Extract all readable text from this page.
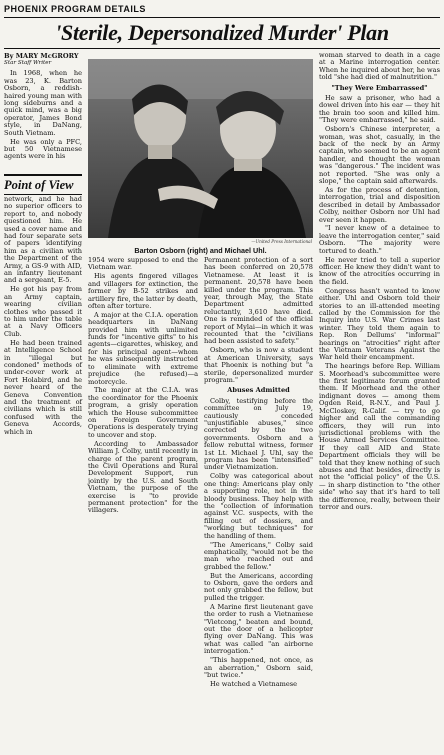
PHOENIX PROGRAM DETAILS
'Sterile, Depersonalized Murder' Plan
By MARY McGRORY
Star Staff Writer

In 1968, when he was 23, K. Barton Osborn, a reddish-haired young man with long sideburns and a quick mind, was a big operator, James Bond style, in DaNang, South Vietnam.

He was only a PFC, but 50 Vietnamese agents were in his

Point of View

network, and he had no superior officers to report to, and nobody questioned him. He used a cover name and had four separate sets of papers identifying him as a civilian with the Department of the Army, a GS-9 with AID, an infantry lieutenant and a sergeant, E-5.

He got his pay from an Army captain, wearing civilian clothes who passed it to him under the table at a Navy Officers Club.

He had been trained at Intelligence School in "illegal but condoned" methods of under-cover work at Fort Holabird, and he never heard of the Geneva Convention and the treatment of civilians which is still confused with the Geneva Accords, which in

—United Press International
Barton Osborn (right) and Michael Uhl.

1954 were supposed to end the Vietnam war.

His agents fingered villages and villagers for extinction, the former by B-52 strikes and artillery fire, the latter by death, often after torture.

A major at the C.I.A. operation headquarters in DaNang provided him with unlimited funds for "incentive gifts" to his agents—cigarettes, whiskey, and for his principal agent—whom he was subsequently instructed to eliminate with extreme prejudice (he refused)—a motorcycle.

The major at the C.I.A. was the coordinator for the Phoenix program, a grisly operation which the House subcommittee on Foreign Government Operations is desperately trying to uncover and stop.

According to Ambassador William J. Colby, until recently in charge of the parent program, the Civil Operations and Rural Development Support, run jointly by the U.S. and South Vietnam, the purpose of the exercise is "to provide permanent protection" for the villagers.

Permanent protection of a sort has been conferred on 20,578 Vietnamese. At least it is permanent. 20,578 have been killed under the program. This year, through May, the State Department admitted reluctantly, 3,610 have died. One is reminded of the official report of Mylai—in which it was recounted that the "civilians had been assisted to safety."

Osborn, who is now a student at American University, says that Phoenix is nothing but "a sterile, depersonalized murder program."

Abuses Admitted

Colby, testifying before the committee on July 19, cautiously conceded "unjustifiable abuses," since corrected by the two governments. Osborn and a fellow rebuttal witness, former 1st Lt. Michael J. Uhl, say the program has been "intensified" under Vietnamization.

Colby was categorical about one thing: Americans play only a supporting role, not in the bloody business. They help with the "collection of information against V.C. suspects, with the filling out of dossiers, and "working but techniques" for the handling of them.

"The Americans," Colby said emphatically, "would not be the man who reached out and grabbed the fellow."

But the Americans, according to Osborn, gave the orders and not only grabbed the fellow, but pulled the trigger.

A Marine first lieutenant gave the order to rush a Vietnamese "Vietcong," beaten and bound, out the door of a helicopter flying over DaNang. This was what was called "an airborne interrogation."

"This happened, not once, as an aberration," Osborn said, "but twice."

He watched a Vietnamese

woman starved to death in a cage at a Marine interrogation center. When he inquired about her, he was told "she had died of malnutrition."

"They Were Embarrassed"

He saw a prisoner, who had a dowel driven into his ear — they hit the brain too soon and killed him. "They were embarrassed," he said.

Osborn's Chinese interpreter, a woman, was shot, casually, in the back of the neck by an Army captain, who seemed to be an agent handler, and thought the woman was "dangerous." The incident was not reported. "She was only a slope," the captain said afterwards.

As for the process of detention, interrogation, trial and disposition described in detail by Ambassador Colby, neither Osborn nor Uhl had ever seen it happen.

"I never knew of a detainee to leave the interrogation center," said Osborn. "The majority were tortured to death."

He never tried to tell a superior officer. He knew they didn't want to know of the atrocities occurring in the field.

Congress hasn't wanted to know either. Uhl and Osborn told their stories to an ill-attended meeting called by the Commission for the Inquiry into U.S. War Crimes last winter. They told them again to Rep. Ron Dellums' "informal" hearings on "atrocities" right after the Vietnam Veterans Against the War held their encampment.

The hearings before Rep. William S. Moorhead's subcommittee were the first legitimate forum granted them. If Moorhead and the other indignant doves — among them Ogden Reid, R-N.Y., and Paul J. McCloskey, R-Calif. — try to go higher and call the commanding officers, they will run into jurisdictional problems with the House Armed Services Committee. If they call AID and State Department officials they will be told that they knew nothing of such abuses and that besides, directly is not the "official policy" of the U.S. — in sharp distinction to "the other side" who say that it's hard to tell the difference, really, between their terror and ours.
